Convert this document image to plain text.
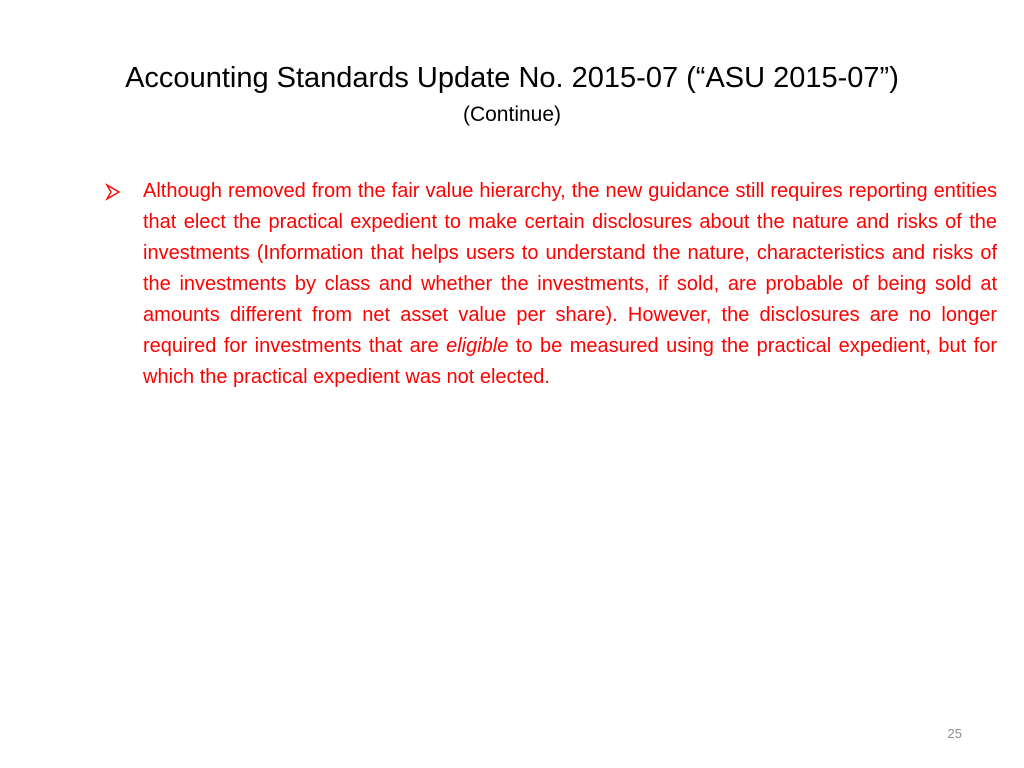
Accounting Standards Update No. 2015-07 (“ASU 2015-07”)
(Continue)

Although removed from the fair value hierarchy, the new guidance still requires reporting entities that elect the practical expedient to make certain disclosures about the nature and risks of the investments (Information that helps users to understand the nature, characteristics and risks of the investments by class and whether the investments, if sold, are probable of being sold at amounts different from net asset value per share). However, the disclosures are no longer required for investments that are eligible to be measured using the practical expedient, but for which the practical expedient was not elected.

25
